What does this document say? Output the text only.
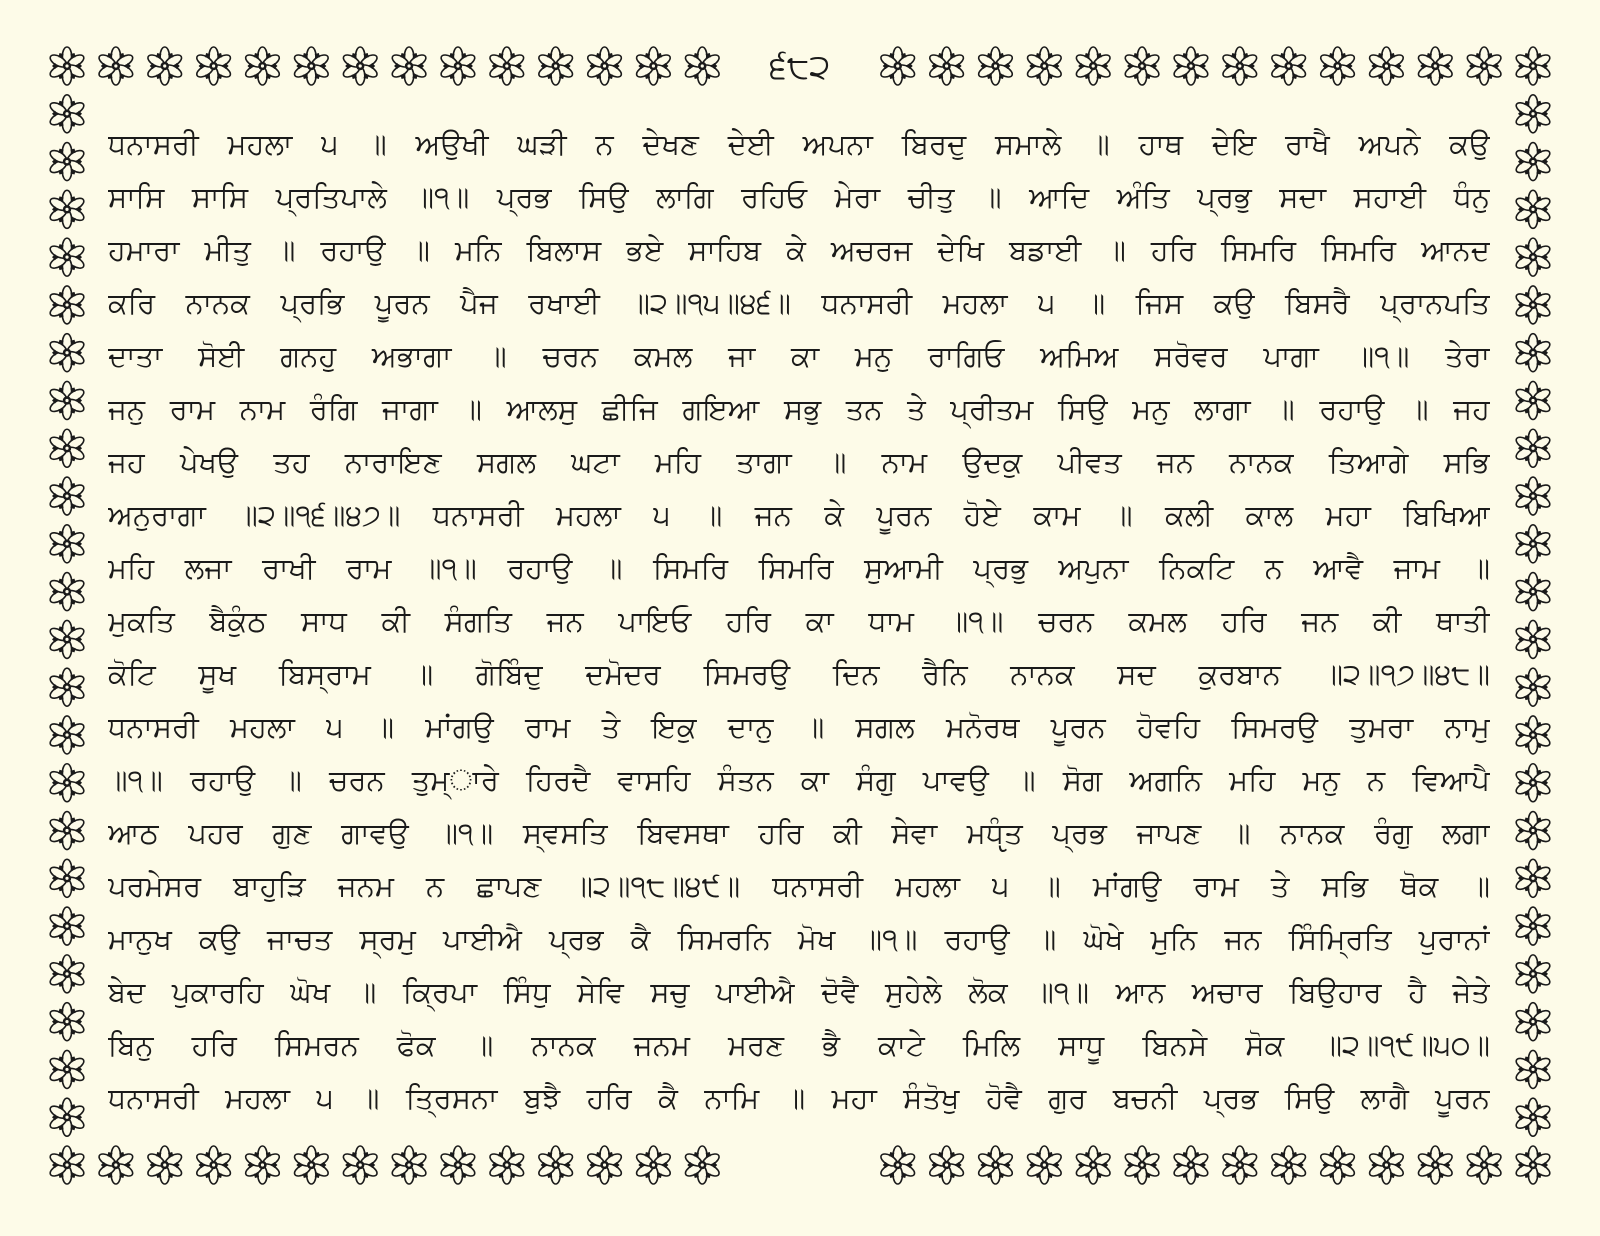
੬੮੨
ਧਨਾਸਰੀ ਮਹਲਾ ੫ ॥ ਅਉਖੀ ਘੜੀ ਨ ਦੇਖਣ ਦੇਈ ਅਪਨਾ ਬਿਰਦੁ ਸਮਾਲੇ ॥ ਹਾਥ ਦੇਇ ਰਾਖੈ ਅਪਨੇ ਕਉ
ਸਾਸਿ ਸਾਸਿ ਪ੍ਰਤਿਪਾਲੇ ॥੧॥ ਪ੍ਰਭ ਸਿਉ ਲਾਗਿ ਰਹਿਓ ਮੇਰਾ ਚੀਤੁ ॥ ਆਦਿ ਅੰਤਿ ਪ੍ਰਭੁ ਸਦਾ ਸਹਾਈ ਧੰਨੁ
ਹਮਾਰਾ ਮੀਤੁ ॥ ਰਹਾਉ ॥ ਮਨਿ ਬਿਲਾਸ ਭਏ ਸਾਹਿਬ ਕੇ ਅਚਰਜ ਦੇਖਿ ਬਡਾਈ ॥ ਹਰਿ ਸਿਮਰਿ ਸਿਮਰਿ ਆਨਦ
ਕਰਿ ਨਾਨਕ ਪ੍ਰਭਿ ਪੂਰਨ ਪੈਜ ਰਖਾਈ ॥੨॥੧੫॥੪੬॥ ਧਨਾਸਰੀ ਮਹਲਾ ੫ ॥ ਜਿਸ ਕਉ ਬਿਸਰੈ ਪ੍ਰਾਨਪਤਿ
ਦਾਤਾ ਸੋਈ ਗਨਹੁ ਅਭਾਗਾ ॥ ਚਰਨ ਕਮਲ ਜਾ ਕਾ ਮਨੁ ਰਾਗਿਓ ਅਮਿਅ ਸਰੋਵਰ ਪਾਗਾ ॥੧॥ ਤੇਰਾ
ਜਨੁ ਰਾਮ ਨਾਮ ਰੰਗਿ ਜਾਗਾ ॥ ਆਲਸੁ ਛੀਜਿ ਗਇਆ ਸਭੁ ਤਨ ਤੇ ਪ੍ਰੀਤਮ ਸਿਉ ਮਨੁ ਲਾਗਾ ॥ ਰਹਾਉ ॥ ਜਹ
ਜਹ ਪੇਖਉ ਤਹ ਨਾਰਾਇਣ ਸਗਲ ਘਟਾ ਮਹਿ ਤਾਗਾ ॥ ਨਾਮ ਉਦਕੁ ਪੀਵਤ ਜਨ ਨਾਨਕ ਤਿਆਗੇ ਸਭਿ
ਅਨੁਰਾਗਾ ॥੨॥੧੬॥੪੭॥ ਧਨਾਸਰੀ ਮਹਲਾ ੫ ॥ ਜਨ ਕੇ ਪੂਰਨ ਹੋਏ ਕਾਮ ॥ ਕਲੀ ਕਾਲ ਮਹਾ ਬਿਖਿਆ
ਮਹਿ ਲਜਾ ਰਾਖੀ ਰਾਮ ॥੧॥ ਰਹਾਉ ॥ ਸਿਮਰਿ ਸਿਮਰਿ ਸੁਆਮੀ ਪ੍ਰਭੁ ਅਪੁਨਾ ਨਿਕਟਿ ਨ ਆਵੈ ਜਾਮ ॥
ਮੁਕਤਿ ਬੈਕੁੰਠ ਸਾਧ ਕੀ ਸੰਗਤਿ ਜਨ ਪਾਇਓ ਹਰਿ ਕਾ ਧਾਮ ॥੧॥ ਚਰਨ ਕਮਲ ਹਰਿ ਜਨ ਕੀ ਥਾਤੀ
ਕੋਟਿ ਸੂਖ ਬਿਸ੍ਰਾਮ ॥ ਗੋਬਿੰਦੁ ਦਮੋਦਰ ਸਿਮਰਉ ਦਿਨ ਰੈਨਿ ਨਾਨਕ ਸਦ ਕੁਰਬਾਨ ॥੨॥੧੭॥੪੮॥
ਧਨਾਸਰੀ ਮਹਲਾ ੫ ॥ ਮਾਂਗਉ ਰਾਮ ਤੇ ਇਕੁ ਦਾਨੁ ॥ ਸਗਲ ਮਨੋਰਥ ਪੂਰਨ ਹੋਵਹਿ ਸਿਮਰਉ ਤੁਮਰਾ ਨਾਮੁ
॥੧॥ ਰਹਾਉ ॥ ਚਰਨ ਤੁਮ੍ਾਰੇ ਹਿਰਦੈ ਵਾਸਹਿ ਸੰਤਨ ਕਾ ਸੰਗੁ ਪਾਵਉ ॥ ਸੋਗ ਅਗਨਿ ਮਹਿ ਮਨੁ ਨ ਵਿਆਪੈ
ਆਠ ਪਹਰ ਗੁਣ ਗਾਵਉ ॥੧॥ ਸ੍ਵਸਤਿ ਬਿਵਸਥਾ ਹਰਿ ਕੀ ਸੇਵਾ ਮਧੵੰਤ ਪ੍ਰਭ ਜਾਪਣ ॥ ਨਾਨਕ ਰੰਗੁ ਲਗਾ
ਪਰਮੇਸਰ ਬਾਹੁੜਿ ਜਨਮ ਨ ਛਾਪਣ ॥੨॥੧੮॥੪੯॥ ਧਨਾਸਰੀ ਮਹਲਾ ੫ ॥ ਮਾਂਗਉ ਰਾਮ ਤੇ ਸਭਿ ਥੋਕ ॥
ਮਾਨੁਖ ਕਉ ਜਾਚਤ ਸ੍ਰਮੁ ਪਾਈਐ ਪ੍ਰਭ ਕੈ ਸਿਮਰਨਿ ਮੋਖ ॥੧॥ ਰਹਾਉ ॥ ਘੋਖੇ ਮੁਨਿ ਜਨ ਸਿੰਮ੍ਰਿਤਿ ਪੁਰਾਨਾਂ
ਬੇਦ ਪੁਕਾਰਹਿ ਘੋਖ ॥ ਕ੍ਰਿਪਾ ਸਿੰਧੁ ਸੇਵਿ ਸਚੁ ਪਾਈਐ ਦੋਵੈ ਸੁਹੇਲੇ ਲੋਕ ॥੧॥ ਆਨ ਅਚਾਰ ਬਿਉਹਾਰ ਹੈ ਜੇਤੇ
ਬਿਨੁ ਹਰਿ ਸਿਮਰਨ ਫੋਕ ॥ ਨਾਨਕ ਜਨਮ ਮਰਣ ਭੈ ਕਾਟੇ ਮਿਲਿ ਸਾਧੂ ਬਿਨਸੇ ਸੋਕ ॥੨॥੧੯॥੫੦॥
ਧਨਾਸਰੀ ਮਹਲਾ ੫ ॥ ਤ੍ਰਿਸਨਾ ਬੁਝੈ ਹਰਿ ਕੈ ਨਾਮਿ ॥ ਮਹਾ ਸੰਤੋਖੁ ਹੋਵੈ ਗੁਰ ਬਚਨੀ ਪ੍ਰਭ ਸਿਉ ਲਾਗੈ ਪੂਰਨ
